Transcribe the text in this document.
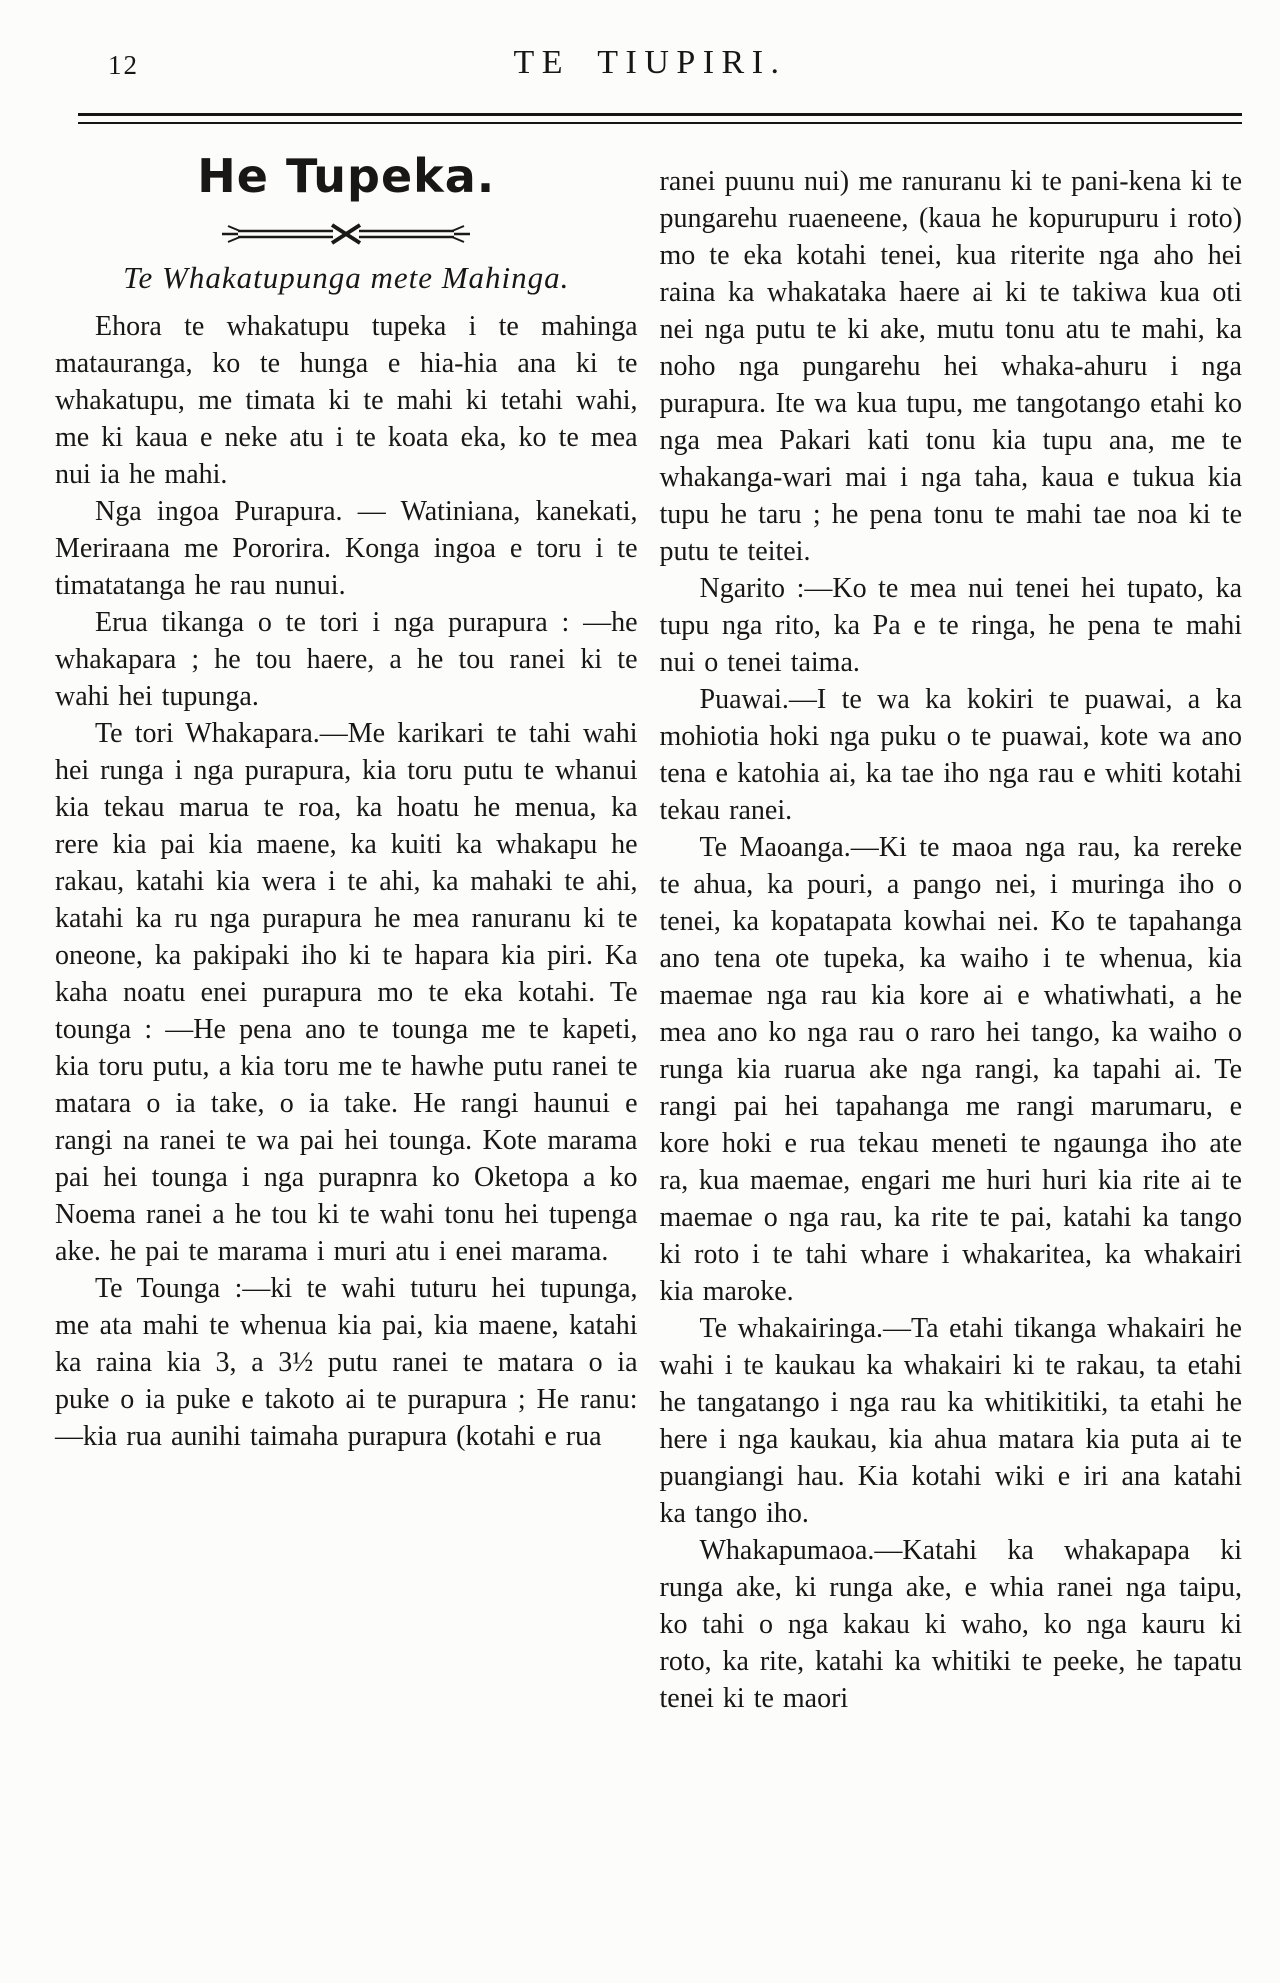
12	TE TIUPIRI.
He Tupeka.
Te Whakatupunga mete Mahinga.

Ehora te whakatupu tupeka i te mahinga matauranga, ko te hunga e hia-hia ana ki te whakatupu, me timata ki te mahi ki tetahi wahi, me ki kaua e neke atu i te koata eka, ko te mea nui ia he mahi.

Nga ingoa Purapura. — Watiniana, kanekati, Meriraana me Pororira. Konga ingoa e toru i te timatatanga he rau nunui.

Erua tikanga o te tori i nga purapura : —he whakapara ; he tou haere, a he tou ranei ki te wahi hei tupunga.

Te tori Whakapara.—Me karikari te tahi wahi hei runga i nga purapura, kia toru putu te whanui kia tekau marua te roa, ka hoatu he menua, ka rere kia pai kia maene, ka kuiti ka whakapu he rakau, katahi kia wera i te ahi, ka mahaki te ahi, katahi ka ru nga purapura he mea ranuranu ki te oneone, ka pakipaki iho ki te hapara kia piri. Ka kaha noatu enei purapura mo te eka kotahi. Te tounga : —He pena ano te tounga me te kapeti, kia toru putu, a kia toru me te hawhe putu ranei te matara o ia take, o ia take. He rangi haunui e rangi na ranei te wa pai hei tounga. Kote marama pai hei tounga i nga purapnra ko Oketopa a ko Noema ranei a he tou ki te wahi tonu hei tupenga ake. he pai te marama i muri atu i enei marama.

Te Tounga :—ki te wahi tuturu hei tupunga, me ata mahi te whenua kia pai, kia maene, katahi ka raina kia 3, a 3½ putu ranei te matara o ia puke o ia puke e takoto ai te purapura ; He ranu:—kia rua aunihi taimaha purapura (kotahi e rua

ranei puunu nui) me ranuranu ki te pani-kena ki te pungarehu ruaeneene, (kaua he kopurupuru i roto) mo te eka kotahi tenei, kua riterite nga aho hei raina ka whakataka haere ai ki te takiwa kua oti nei nga putu te ki ake, mutu tonu atu te mahi, ka noho nga pungarehu hei whaka-ahuru i nga purapura. Ite wa kua tupu, me tangotango etahi ko nga mea Pakari kati tonu kia tupu ana, me te whakanga-wari mai i nga taha, kaua e tukua kia tupu he taru ; he pena tonu te mahi tae noa ki te putu te teitei.

Ngarito :—Ko te mea nui tenei hei tupato, ka tupu nga rito, ka Pa e te ringa, he pena te mahi nui o tenei taima.

Puawai.—I te wa ka kokiri te puawai, a ka mohiotia hoki nga puku o te puawai, kote wa ano tena e katohia ai, ka tae iho nga rau e whiti kotahi tekau ranei.

Te Maoanga.—Ki te maoa nga rau, ka rereke te ahua, ka pouri, a pango nei, i muringa iho o tenei, ka kopatapata kowhai nei. Ko te tapahanga ano tena ote tupeka, ka waiho i te whenua, kia maemae nga rau kia kore ai e whatiwhati, a he mea ano ko nga rau o raro hei tango, ka waiho o runga kia ruarua ake nga rangi, ka tapahi ai. Te rangi pai hei tapahanga me rangi marumaru, e kore hoki e rua tekau meneti te ngaunga iho ate ra, kua maemae, engari me huri huri kia rite ai te maemae o nga rau, ka rite te pai, katahi ka tango ki roto i te tahi whare i whakaritea, ka whakairi kia maroke.

Te whakairinga.—Ta etahi tikanga whakairi he wahi i te kaukau ka whakairi ki te rakau, ta etahi he tangatango i nga rau ka whitikitiki, ta etahi he here i nga kaukau, kia ahua matara kia puta ai te puangiangi hau. Kia kotahi wiki e iri ana katahi ka tango iho.

Whakapumaoa.—Katahi ka whakapapa ki runga ake, ki runga ake, e whia ranei nga taipu, ko tahi o nga kakau ki waho, ko nga kauru ki roto, ka rite, katahi ka whitiki te peeke, he tapatu tenei ki te maori
